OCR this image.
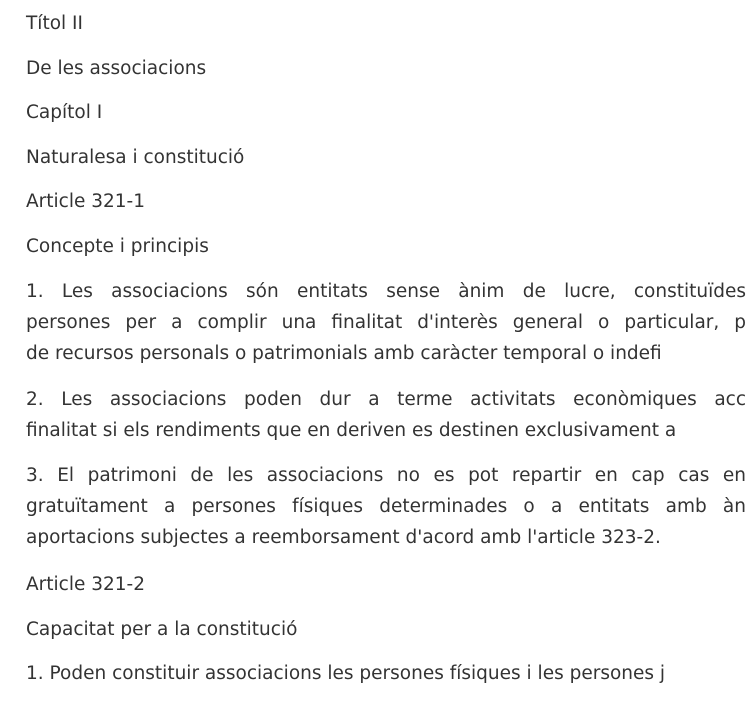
Títol II
De les associacions
Capítol I
Naturalesa i constitució
Article 321-1
Concepte i principis
1. Les associacions són entitats sense ànim de lucre, constituïdes
persones per a complir una finalitat d'interès general o particular, p
de recursos personals o patrimonials amb caràcter temporal o indefi
2. Les associacions poden dur a terme activitats econòmiques acc
finalitat si els rendiments que en deriven es destinen exclusivament a
3. El patrimoni de les associacions no es pot repartir en cap cas en
gratuïtament a persones físiques determinades o a entitats amb àn
aportacions subjectes a reemborsament d'acord amb l'article 323-2.
Article 321-2
Capacitat per a la constitució
1. Poden constituir associacions les persones físiques i les persones j
